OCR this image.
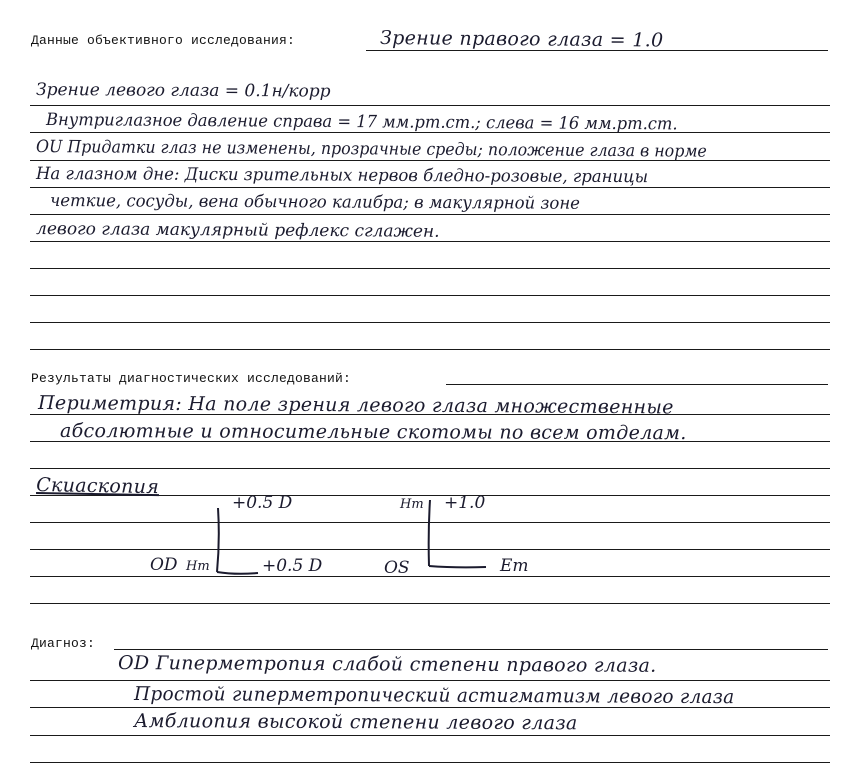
Данные объективного исследования:
Результаты диагностических исследований:
Диагноз:
Зрение правого глаза = 1.0
Зрение левого глаза = 0.1н/корр
Внутриглазное давление справа = 17 мм.рт.ст.; слева = 16 мм.рт.ст.
OU Придатки глаз не изменены, прозрачные среды; положение глаза в норме
На глазном дне: Диски зрительных нервов бледно-розовые, границы
четкие, сосуды, вена обычного калибра; в макулярной зоне
левого глаза макулярный рефлекс сглажен.
Периметрия: На поле зрения левого глаза множественные
абсолютные и относительные скотомы по всем отделам.
Скиаскопия
+0.5 D
OD Hm	+0.5 D
Hm +1.0
OS	Em
OD Гиперметропия слабой степени правого глаза.
Простой гиперметропический астигматизм левого глаза
Амблиопия высокой степени левого глаза
